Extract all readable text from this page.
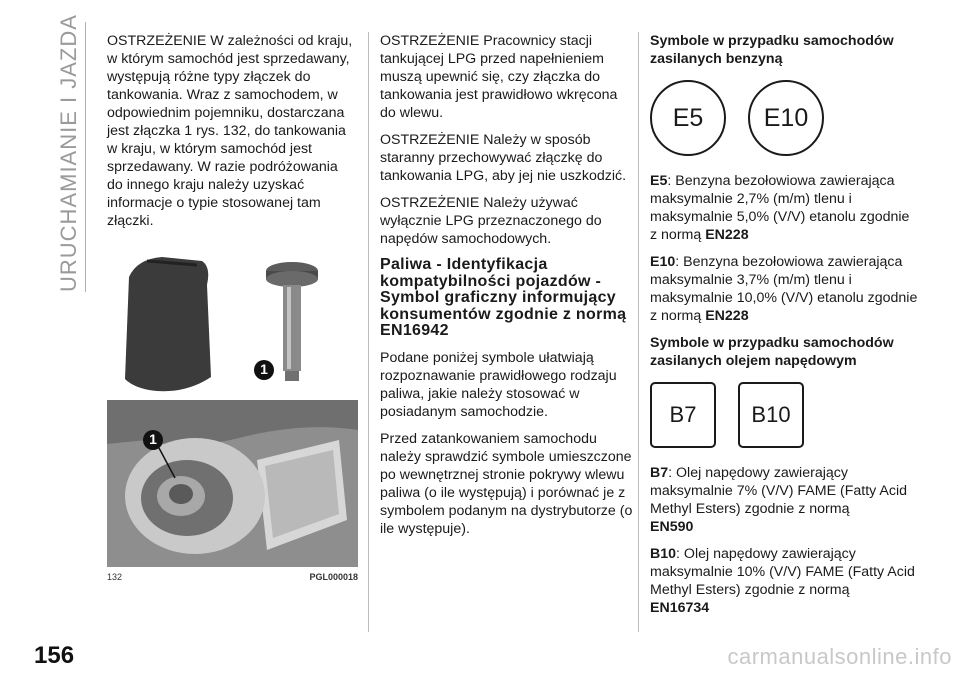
URUCHAMIANIE I JAZDA
156

OSTRZEŻENIE W zależności od kraju, w którym samochód jest sprzedawany, występują różne typy złączek do tankowania. Wraz z samochodem, w odpowiednim pojemniku, dostarczana jest złączka 1 rys. 132, do tankowania w kraju, w którym samochód jest sprzedawany. W razie podróżowania do innego kraju należy uzyskać informacje o typie stosowanej tam złączki.

1
1
132	PGL000018

OSTRZEŻENIE Pracownicy stacji tankującej LPG przed napełnieniem muszą upewnić się, czy złączka do tankowania jest prawidłowo wkręcona do wlewu.

OSTRZEŻENIE Należy w sposób staranny przechowywać złączkę do tankowania LPG, aby jej nie uszkodzić.

OSTRZEŻENIE Należy używać wyłącznie LPG przeznaczonego do napędów samochodowych.

Paliwa - Identyfikacja kompatybilności pojazdów - Symbol graficzny informujący konsumentów zgodnie z normą EN16942

Podane poniżej symbole ułatwiają rozpoznawanie prawidłowego rodzaju paliwa, jakie należy stosować w posiadanym samochodzie.

Przed zatankowaniem samochodu należy sprawdzić symbole umieszczone po wewnętrznej stronie pokrywy wlewu paliwa (o ile występują) i porównać je z symbolem podanym na dystrybutorze (o ile występuje).

Symbole w przypadku samochodów zasilanych benzyną

E5	E10

E5: Benzyna bezołowiowa zawierająca maksymalnie 2,7% (m/m) tlenu i maksymalnie 5,0% (V/V) etanolu zgodnie z normą EN228

E10: Benzyna bezołowiowa zawierająca maksymalnie 3,7% (m/m) tlenu i maksymalnie 10,0% (V/V) etanolu zgodnie z normą EN228

Symbole w przypadku samochodów zasilanych olejem napędowym

B7	B10

B7: Olej napędowy zawierający maksymalnie 7% (V/V) FAME (Fatty Acid Methyl Esters) zgodnie z normą
EN590

B10: Olej napędowy zawierający maksymalnie 10% (V/V) FAME (Fatty Acid Methyl Esters) zgodnie z normą
EN16734

carmanualsonline.info
